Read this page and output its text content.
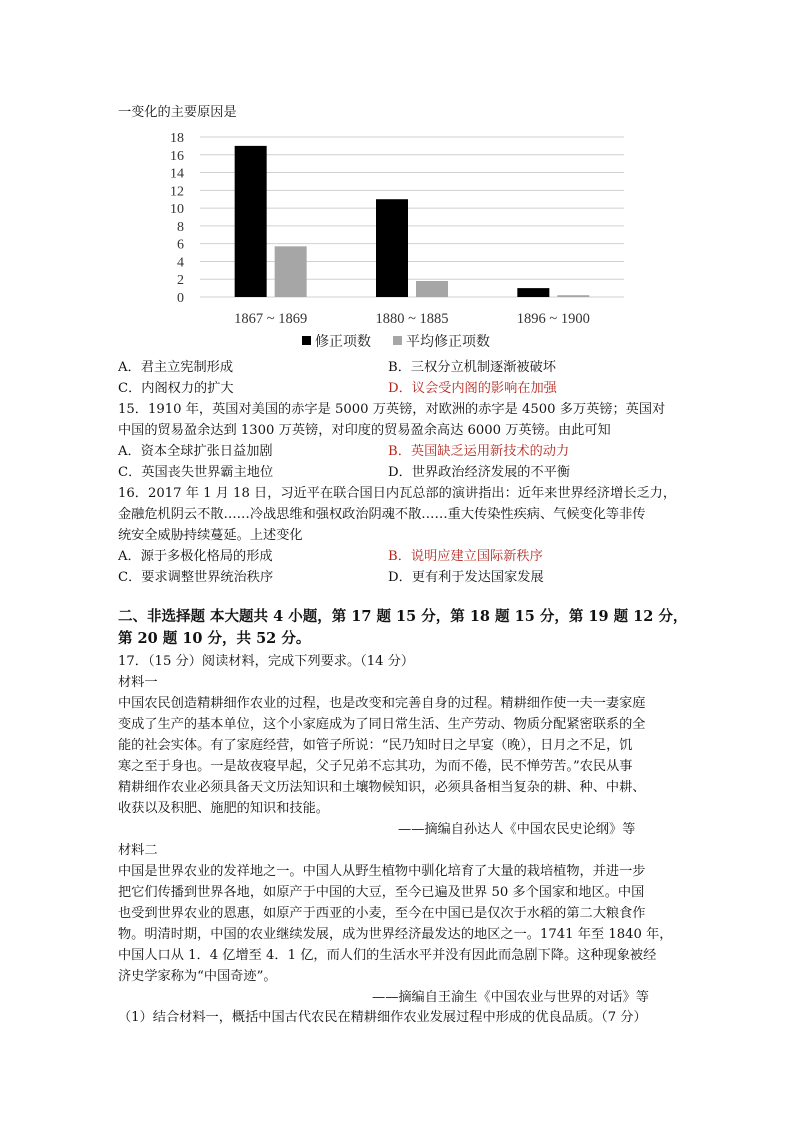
一变化的主要原因是
0
2
4
6
8
10
12
14
16
18
1867 ~ 1869	1880 ~ 1885	1896 ~ 1900
修正项数	平均修正项数
A．君主立宪制形成	B．三权分立机制逐渐被破坏
C．内阁权力的扩大	D．议会受内阁的影响在加强
15．1910 年，英国对美国的赤字是 5000 万英镑，对欧洲的赤字是 4500 多万英镑；英国对
中国的贸易盈余达到 1300 万英镑，对印度的贸易盈余高达 6000 万英镑。由此可知
A．资本全球扩张日益加剧	B．英国缺乏运用新技术的动力
C．英国丧失世界霸主地位	D．世界政治经济发展的不平衡
16．2017 年 1 月 18 日，习近平在联合国日内瓦总部的演讲指出：近年来世界经济增长乏力，
金融危机阴云不散……冷战思维和强权政治阴魂不散……重大传染性疾病、气候变化等非传
统安全威胁持续蔓延。上述变化
A．源于多极化格局的形成	B．说明应建立国际新秩序
C．要求调整世界统治秩序	D．更有利于发达国家发展
二、非选择题 本大题共 4 小题，第 17 题 15 分，第 18 题 15 分，第 19 题 12 分，
第 20 题 10 分，共 52 分。
17．（15 分）阅读材料，完成下列要求。（14 分）
材料一
中国农民创造精耕细作农业的过程，也是改变和完善自身的过程。精耕细作使一夫一妻家庭
变成了生产的基本单位，这个小家庭成为了同日常生活、生产劳动、物质分配紧密联系的全
能的社会实体。有了家庭经营，如管子所说：“民乃知时日之早宴（晚），日月之不足，饥
寒之至于身也。一是故夜寝早起，父子兄弟不忘其功，为而不倦，民不惮劳苦。”农民从事
精耕细作农业必须具备天文历法知识和土壤物候知识，必须具备相当复杂的耕、种、中耕、
收获以及积肥、施肥的知识和技能。
——摘编自孙达人《中国农民史论纲》等
材料二
中国是世界农业的发祥地之一。中国人从野生植物中驯化培育了大量的栽培植物，并进一步
把它们传播到世界各地，如原产于中国的大豆，至今已遍及世界 50 多个国家和地区。中国
也受到世界农业的恩惠，如原产于西亚的小麦，至今在中国已是仅次于水稻的第二大粮食作
物。明清时期，中国的农业继续发展，成为世界经济最发达的地区之一。1741 年至 1840 年，
中国人口从 1．4 亿增至 4．1 亿，而人们的生活水平并没有因此而急剧下降。这种现象被经
济史学家称为“中国奇迹”。
——摘编自王渝生《中国农业与世界的对话》等
（1）结合材料一，概括中国古代农民在精耕细作农业发展过程中形成的优良品质。（7 分）
